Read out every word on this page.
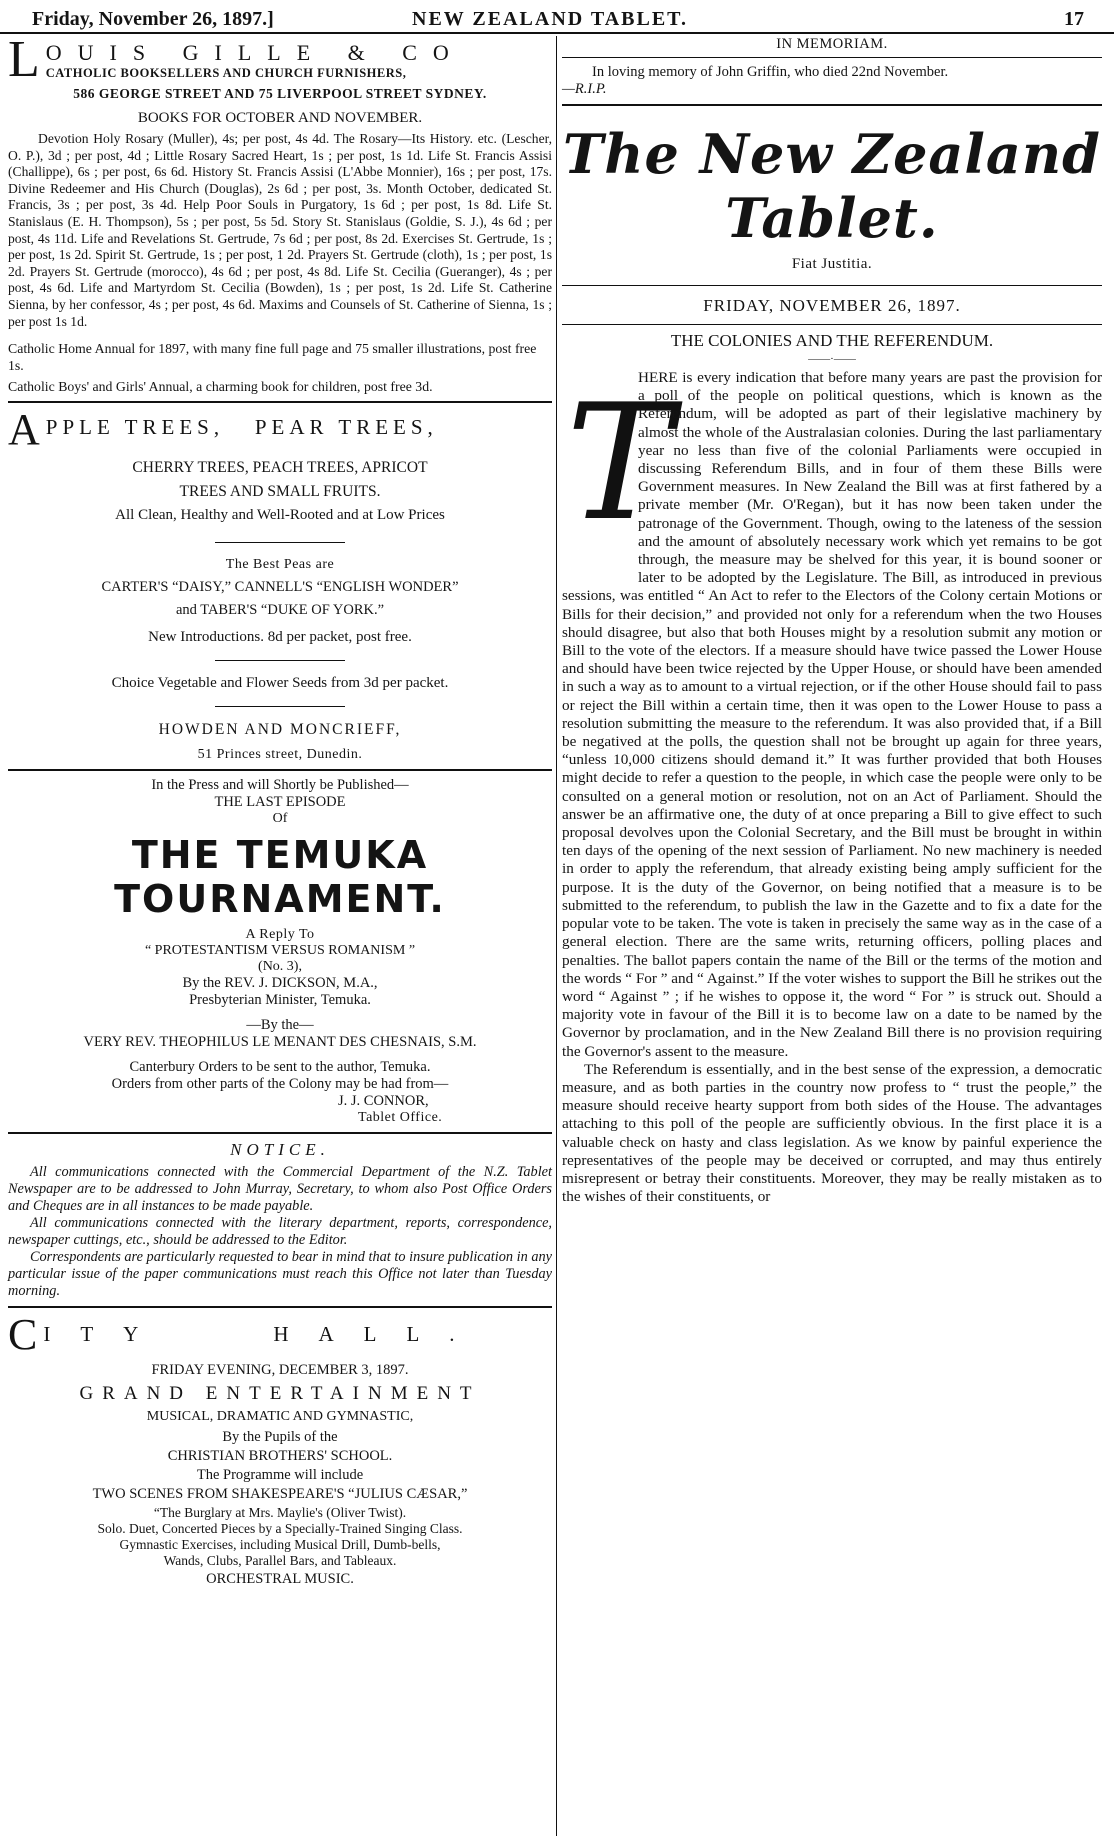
Friday, November 26, 1897.]	NEW ZEALAND TABLET.	17
L OUIS GILLE & CO
CATHOLIC BOOKSELLERS AND CHURCH FURNISHERS,
586 GEORGE STREET AND 75 LIVERPOOL STREET SYDNEY.
BOOKS FOR OCTOBER AND NOVEMBER.

Devotion Holy Rosary (Muller), 4s; per post, 4s 4d. The Rosary—Its History. etc. (Lescher, O. P.), 3d ; per post, 4d ; Little Rosary Sacred Heart, 1s ; per post, 1s 1d. Life St. Francis Assisi (Challippe), 6s ; per post, 6s 6d. History St. Francis Assisi (L'Abbe Monnier), 16s ; per post, 17s. Divine Redeemer and His Church (Douglas), 2s 6d ; per post, 3s. Month October, dedicated St. Francis, 3s ; per post, 3s 4d. Help Poor Souls in Purgatory, 1s 6d ; per post, 1s 8d. Life St. Stanislaus (E. H. Thompson), 5s ; per post, 5s 5d. Story St. Stanislaus (Goldie, S. J.), 4s 6d ; per post, 4s 11d. Life and Revelations St. Gertrude, 7s 6d ; per post, 8s 2d. Exercises St. Gertrude, 1s ; per post, 1s 2d. Spirit St. Gertrude, 1s ; per post, 1 2d. Prayers St. Gertrude (cloth), 1s ; per post, 1s 2d. Prayers St. Gertrude (morocco), 4s 6d ; per post, 4s 8d. Life St. Cecilia (Gueranger), 4s ; per post, 4s 6d. Life and Martyrdom St. Cecilia (Bowden), 1s ; per post, 1s 2d. Life St. Catherine Sienna, by her confessor, 4s ; per post, 4s 6d. Maxims and Counsels of St. Catherine of Sienna, 1s ; per post 1s 1d.

Catholic Home Annual for 1897, with many fine full page and 75 smaller illustrations, post free 1s.

Catholic Boys' and Girls' Annual, a charming book for children, post free 3d.

A PPLE TREES,   PEAR TREES,
CHERRY TREES, PEACH TREES, APRICOT
TREES AND SMALL FRUITS.
All Clean, Healthy and Well-Rooted and at Low Prices
The Best Peas are
CARTER'S “DAISY,” CANNELL'S “ENGLISH WONDER”
and TABER'S “DUKE OF YORK.”
New Introductions. 8d per packet, post free.
Choice Vegetable and Flower Seeds from 3d per packet.
HOWDEN AND MONCRIEFF,
51 Princes street, Dunedin.
In the Press and will Shortly be Published—
THE LAST EPISODE
Of
THE TEMUKA TOURNAMENT.
A Reply To
“ PROTESTANTISM VERSUS ROMANISM ”
(No. 3),
By the REV. J. DICKSON, M.A.,
Presbyterian Minister, Temuka.
—By the—
VERY REV. THEOPHILUS LE MENANT DES CHESNAIS, S.M.
Canterbury Orders to be sent to the author, Temuka.
Orders from other parts of the Colony may be had from—
J. J. CONNOR,
Tablet Office.
NOTICE.

All communications connected with the Commercial Department of the N.Z. Tablet Newspaper are to be addressed to John Murray, Secretary, to whom also Post Office Orders and Cheques are in all instances to be made payable.

All communications connected with the literary department, reports, correspondence, newspaper cuttings, etc., should be addressed to the Editor.

Correspondents are particularly requested to bear in mind that to insure publication in any particular issue of the paper communications must reach this Office not later than Tuesday morning.

C ITY   HALL.
FRIDAY EVENING, DECEMBER 3, 1897.
GRAND ENTERTAINMENT
MUSICAL, DRAMATIC AND GYMNASTIC,
By the Pupils of the
CHRISTIAN BROTHERS' SCHOOL.
The Programme will include
TWO SCENES FROM SHAKESPEARE'S “JULIUS CÆSAR,”
“The Burglary at Mrs. Maylie's (Oliver Twist).
Solo. Duet, Concerted Pieces by a Specially-Trained Singing Class.
Gymnastic Exercises, including Musical Drill, Dumb-bells,
Wands, Clubs, Parallel Bars, and Tableaux.
ORCHESTRAL MUSIC.
IN MEMORIAM.

In loving memory of John Griffin, who died 22nd November.

—R.I.P.

The New Zealand Tablet.
Fiat Justitia.
FRIDAY, NOVEMBER 26, 1897.
THE COLONIES AND THE REFERENDUM.
——·——
T

HERE is every indication that before many years are past the provision for a poll of the people on political questions, which is known as the Referendum, will be adopted as part of their legislative machinery by almost the whole of the Australasian colonies. During the last parliamentary year no less than five of the colonial Parliaments were occupied in discussing Referendum Bills, and in four of them these Bills were Government measures. In New Zealand the Bill was at first fathered by a private member (Mr. O'Regan), but it has now been taken under the patronage of the Government. Though, owing to the lateness of the session and the amount of absolutely necessary work which yet remains to be got through, the measure may be shelved for this year, it is bound sooner or later to be adopted by the Legislature. The Bill, as introduced in previous sessions, was entitled “ An Act to refer to the Electors of the Colony certain Motions or Bills for their decision,” and provided not only for a referendum when the two Houses should disagree, but also that both Houses might by a resolution submit any motion or Bill to the vote of the electors. If a measure should have twice passed the Lower House and should have been twice rejected by the Upper House, or should have been amended in such a way as to amount to a virtual rejection, or if the other House should fail to pass or reject the Bill within a certain time, then it was open to the Lower House to pass a resolution submitting the measure to the referendum. It was also provided that, if a Bill be negatived at the polls, the question shall not be brought up again for three years, “unless 10,000 citizens should demand it.” It was further provided that both Houses might decide to refer a question to the people, in which case the people were only to be consulted on a general motion or resolution, not on an Act of Parliament. Should the answer be an affirmative one, the duty of at once preparing a Bill to give effect to such proposal devolves upon the Colonial Secretary, and the Bill must be brought in within ten days of the opening of the next session of Parliament. No new machinery is needed in order to apply the referendum, that already existing being amply sufficient for the purpose. It is the duty of the Governor, on being notified that a measure is to be submitted to the referendum, to publish the law in the Gazette and to fix a date for the popular vote to be taken. The vote is taken in precisely the same way as in the case of a general election. There are the same writs, returning officers, polling places and penalties. The ballot papers contain the name of the Bill or the terms of the motion and the words “ For ” and “ Against.” If the voter wishes to support the Bill he strikes out the word “ Against ” ; if he wishes to oppose it, the word “ For ” is struck out. Should a majority vote in favour of the Bill it is to become law on a date to be named by the Governor by proclamation, and in the New Zealand Bill there is no provision requiring the Governor's assent to the measure.

The Referendum is essentially, and in the best sense of the expression, a democratic measure, and as both parties in the country now profess to “ trust the people,” the measure should receive hearty support from both sides of the House. The advantages attaching to this poll of the people are sufficiently obvious. In the first place it is a valuable check on hasty and class legislation. As we know by painful experience the representatives of the people may be deceived or corrupted, and may thus entirely misrepresent or betray their constituents. Moreover, they may be really mistaken as to the wishes of their constituents, or
